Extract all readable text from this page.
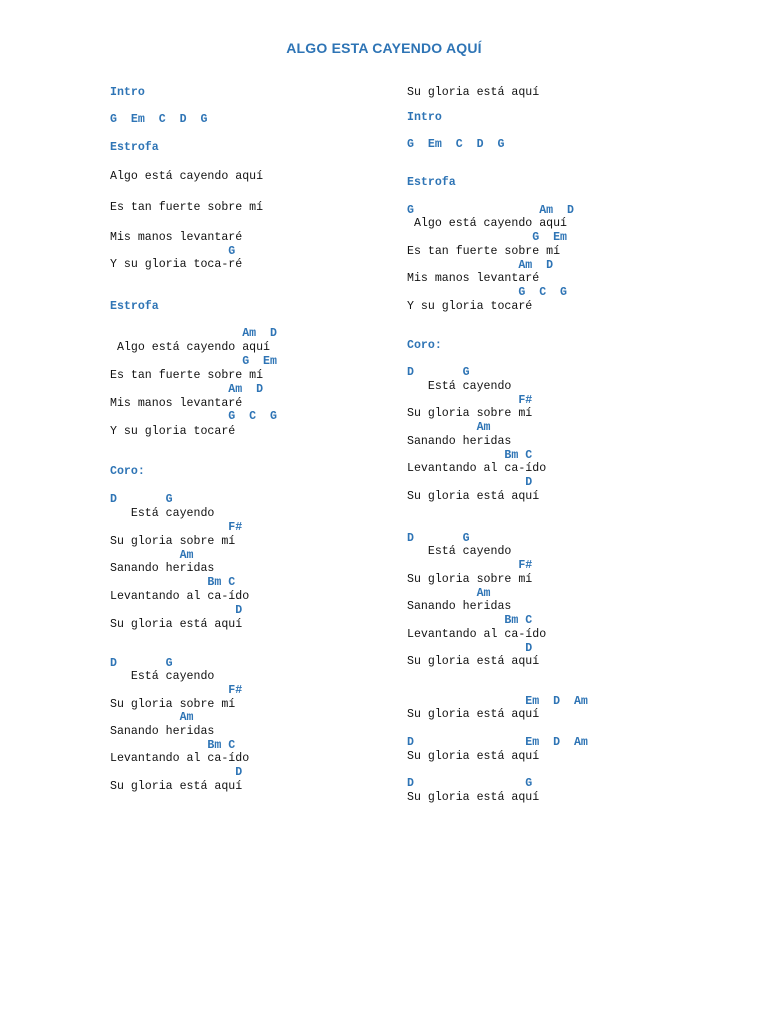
ALGO ESTA CAYENDO AQUÍ
Intro
G  Em  C  D  G
Estrofa
Algo está cayendo aquí
Es tan fuerte sobre mí
Mis manos levantaré
G
Y su gloria toca-ré
Estrofa
Am  D
Algo está cayendo aquí
G  Em
Es tan fuerte sobre mí
Am  D
Mis manos levantaré
G  C  G
Y su gloria tocaré
Coro:
D       G
Está cayendo
F#
Su gloria sobre mí
Am
Sanando heridas
Bm C
Levantando al ca-ído
D
Su gloria está aquí
D       G
Está cayendo
F#
Su gloria sobre mí
Am
Sanando heridas
Bm C
Levantando al ca-ído
D
Su gloria está aquí
Su gloria está aquí
Intro
G  Em  C  D  G
Estrofa
G                  Am  D
Algo está cayendo aquí
G  Em
Es tan fuerte sobre mí
Am  D
Mis manos levantaré
G  C  G
Y su gloria tocaré
Coro:
D       G
Está cayendo
F#
Su gloria sobre mí
Am
Sanando heridas
Bm C
Levantando al ca-ído
D
Su gloria está aquí
D       G
Está cayendo
F#
Su gloria sobre mí
Am
Sanando heridas
Bm C
Levantando al ca-ído
D
Su gloria está aquí
Em  D  Am
Su gloria está aquí
D                Em  D  Am
Su gloria está aquí
D                G
Su gloria está aquí
